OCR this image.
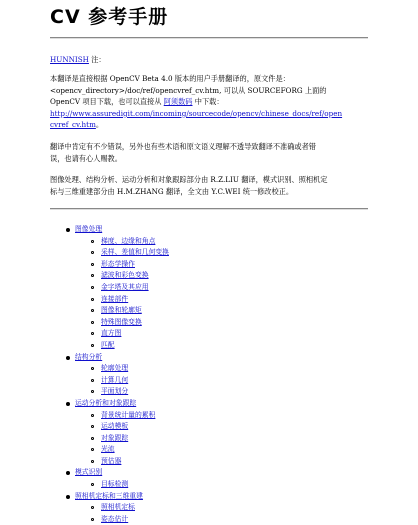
CV 参考手册
HUNNISH 注：
本翻译是直接根据 OpenCV Beta 4.0 版本的用户手册翻译的，原文件是：
<opencv_directory>/doc/ref/opencvref_cv.htm, 可以从 SOURCEFORG 上面的
OpenCV 项目下载，也可以直接从 阿须数码 中下载：
http://www.assuredigit.com/incoming/sourcecode/opencv/chinese_docs/ref/open
cvref_cv.htm。
翻译中肯定有不少错误，另外也有些术语和原文语义理解不透导致翻译不准确或者错
误，也请有心人赐教。
图像处理、结构分析、运动分析和对象跟踪部分由 R.Z.LIU 翻译，模式识别、照相机定
标与三维重建部分由 H.M.ZHANG 翻译，全文由 Y.C.WEI 统一修改校正。
图像处理
梯度、边缘和角点
采样、差值和几何变换
形态学操作
滤波和彩色变换
金字塔及其应用
连接部件
图像和轮廓矩
特殊图像变换
直方图
匹配
结构分析
轮廓处理
计算几何
平面划分
运动分析和对象跟踪
背景统计量的累积
运动模板
对象跟踪
光流
预估器
模式识别
目标检测
照相机定标和三维重建
照相机定标
姿态估计
